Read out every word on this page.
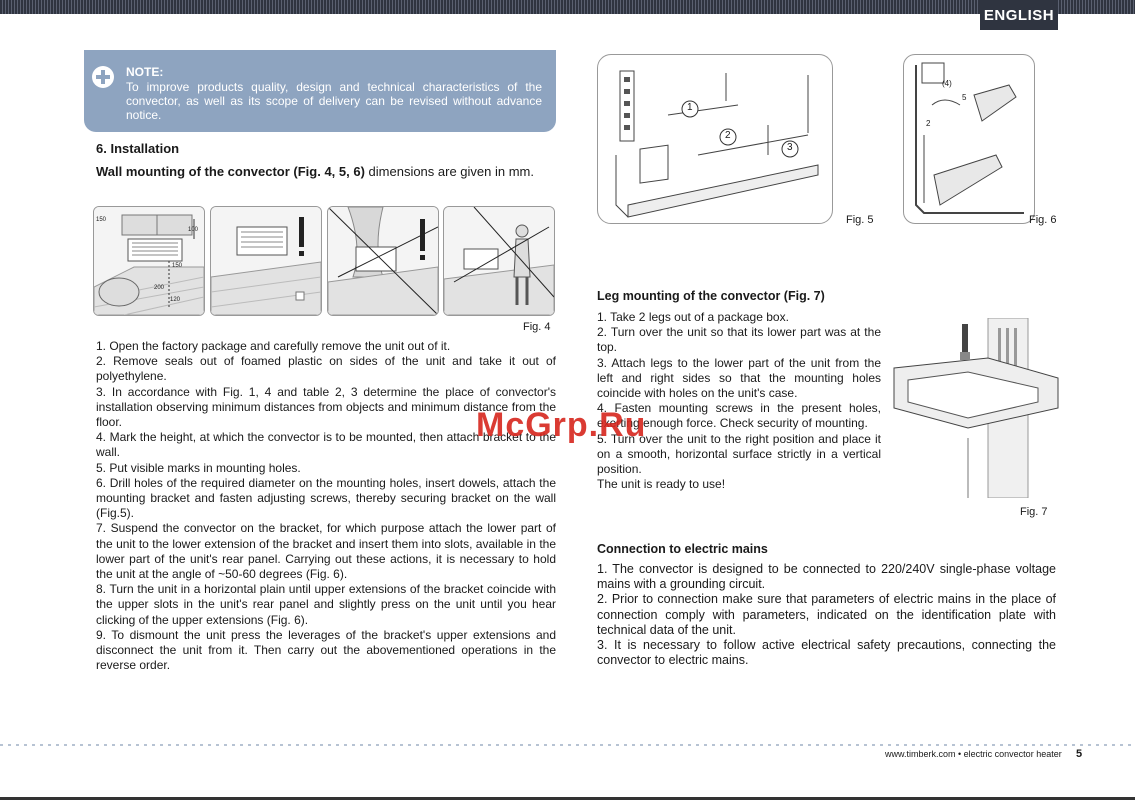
ENGLISH
NOTE:
To improve products quality, design and technical characteristics of the convector, as well as its scope of delivery can be revised without advance notice.
6. Installation
Wall mounting of the convector (Fig. 4, 5, 6) dimensions are given in mm.
150
100
150
200
120
Fig. 4
1
2
3
Fig. 5
(4)
5
2
Fig. 6

1. Open the factory package and carefully remove the unit out of it.

2. Remove seals out of foamed plastic on sides of the unit and take it out of polyethylene.

3. In accordance with Fig. 1, 4 and table 2, 3 determine the place of convector's installation observing minimum distances from objects and minimum distance from the floor.

4. Mark the height, at which the convector is to be mounted, then attach bracket to the wall.

5. Put visible marks in mounting holes.

6. Drill holes of the required diameter on the mounting holes, insert dowels, attach the mounting bracket and fasten adjusting screws, thereby securing bracket on the wall (Fig.5).

7. Suspend the convector on the bracket, for which purpose attach the lower part of the unit to the lower extension of the bracket and insert them into slots, available in the lower part of the unit's rear panel. Carrying out these actions, it is necessary to hold the unit at the angle of ~50-60 degrees (Fig. 6).

8. Turn the unit in a horizontal plain until upper extensions of the bracket coincide with the upper slots in the unit's rear panel and slightly press on the unit until you hear clicking of the upper extensions (Fig. 6).

9. To dismount the unit press the leverages of the bracket's upper extensions and disconnect the unit from it. Then carry out the abovementioned operations in the reverse order.

Leg mounting of the convector (Fig. 7)

1. Take 2 legs out of a package box.

2. Turn over the unit so that its lower part was at the top.

3. Attach legs to the lower part of the unit from the left and right sides so that the mounting holes coincide with holes on the unit's case.

4. Fasten mounting screws in the present holes, exerting enough force. Check security of mounting.

5. Turn over the unit to the right position and place it on a smooth, horizontal surface strictly in a vertical position.

The unit is ready to use!

Fig. 7
Connection to electric mains

1. The convector is designed to be connected to 220/240V single-phase voltage mains with a grounding circuit.

2. Prior to connection make sure that parameters of electric mains in the place of connection comply with parameters, indicated on the identification plate with technical data of the unit.

3. It is necessary to follow active electrical safety precautions, connecting the convector to electric mains.

McGrp.Ru
www.timberk.com • electric convector heater 5
